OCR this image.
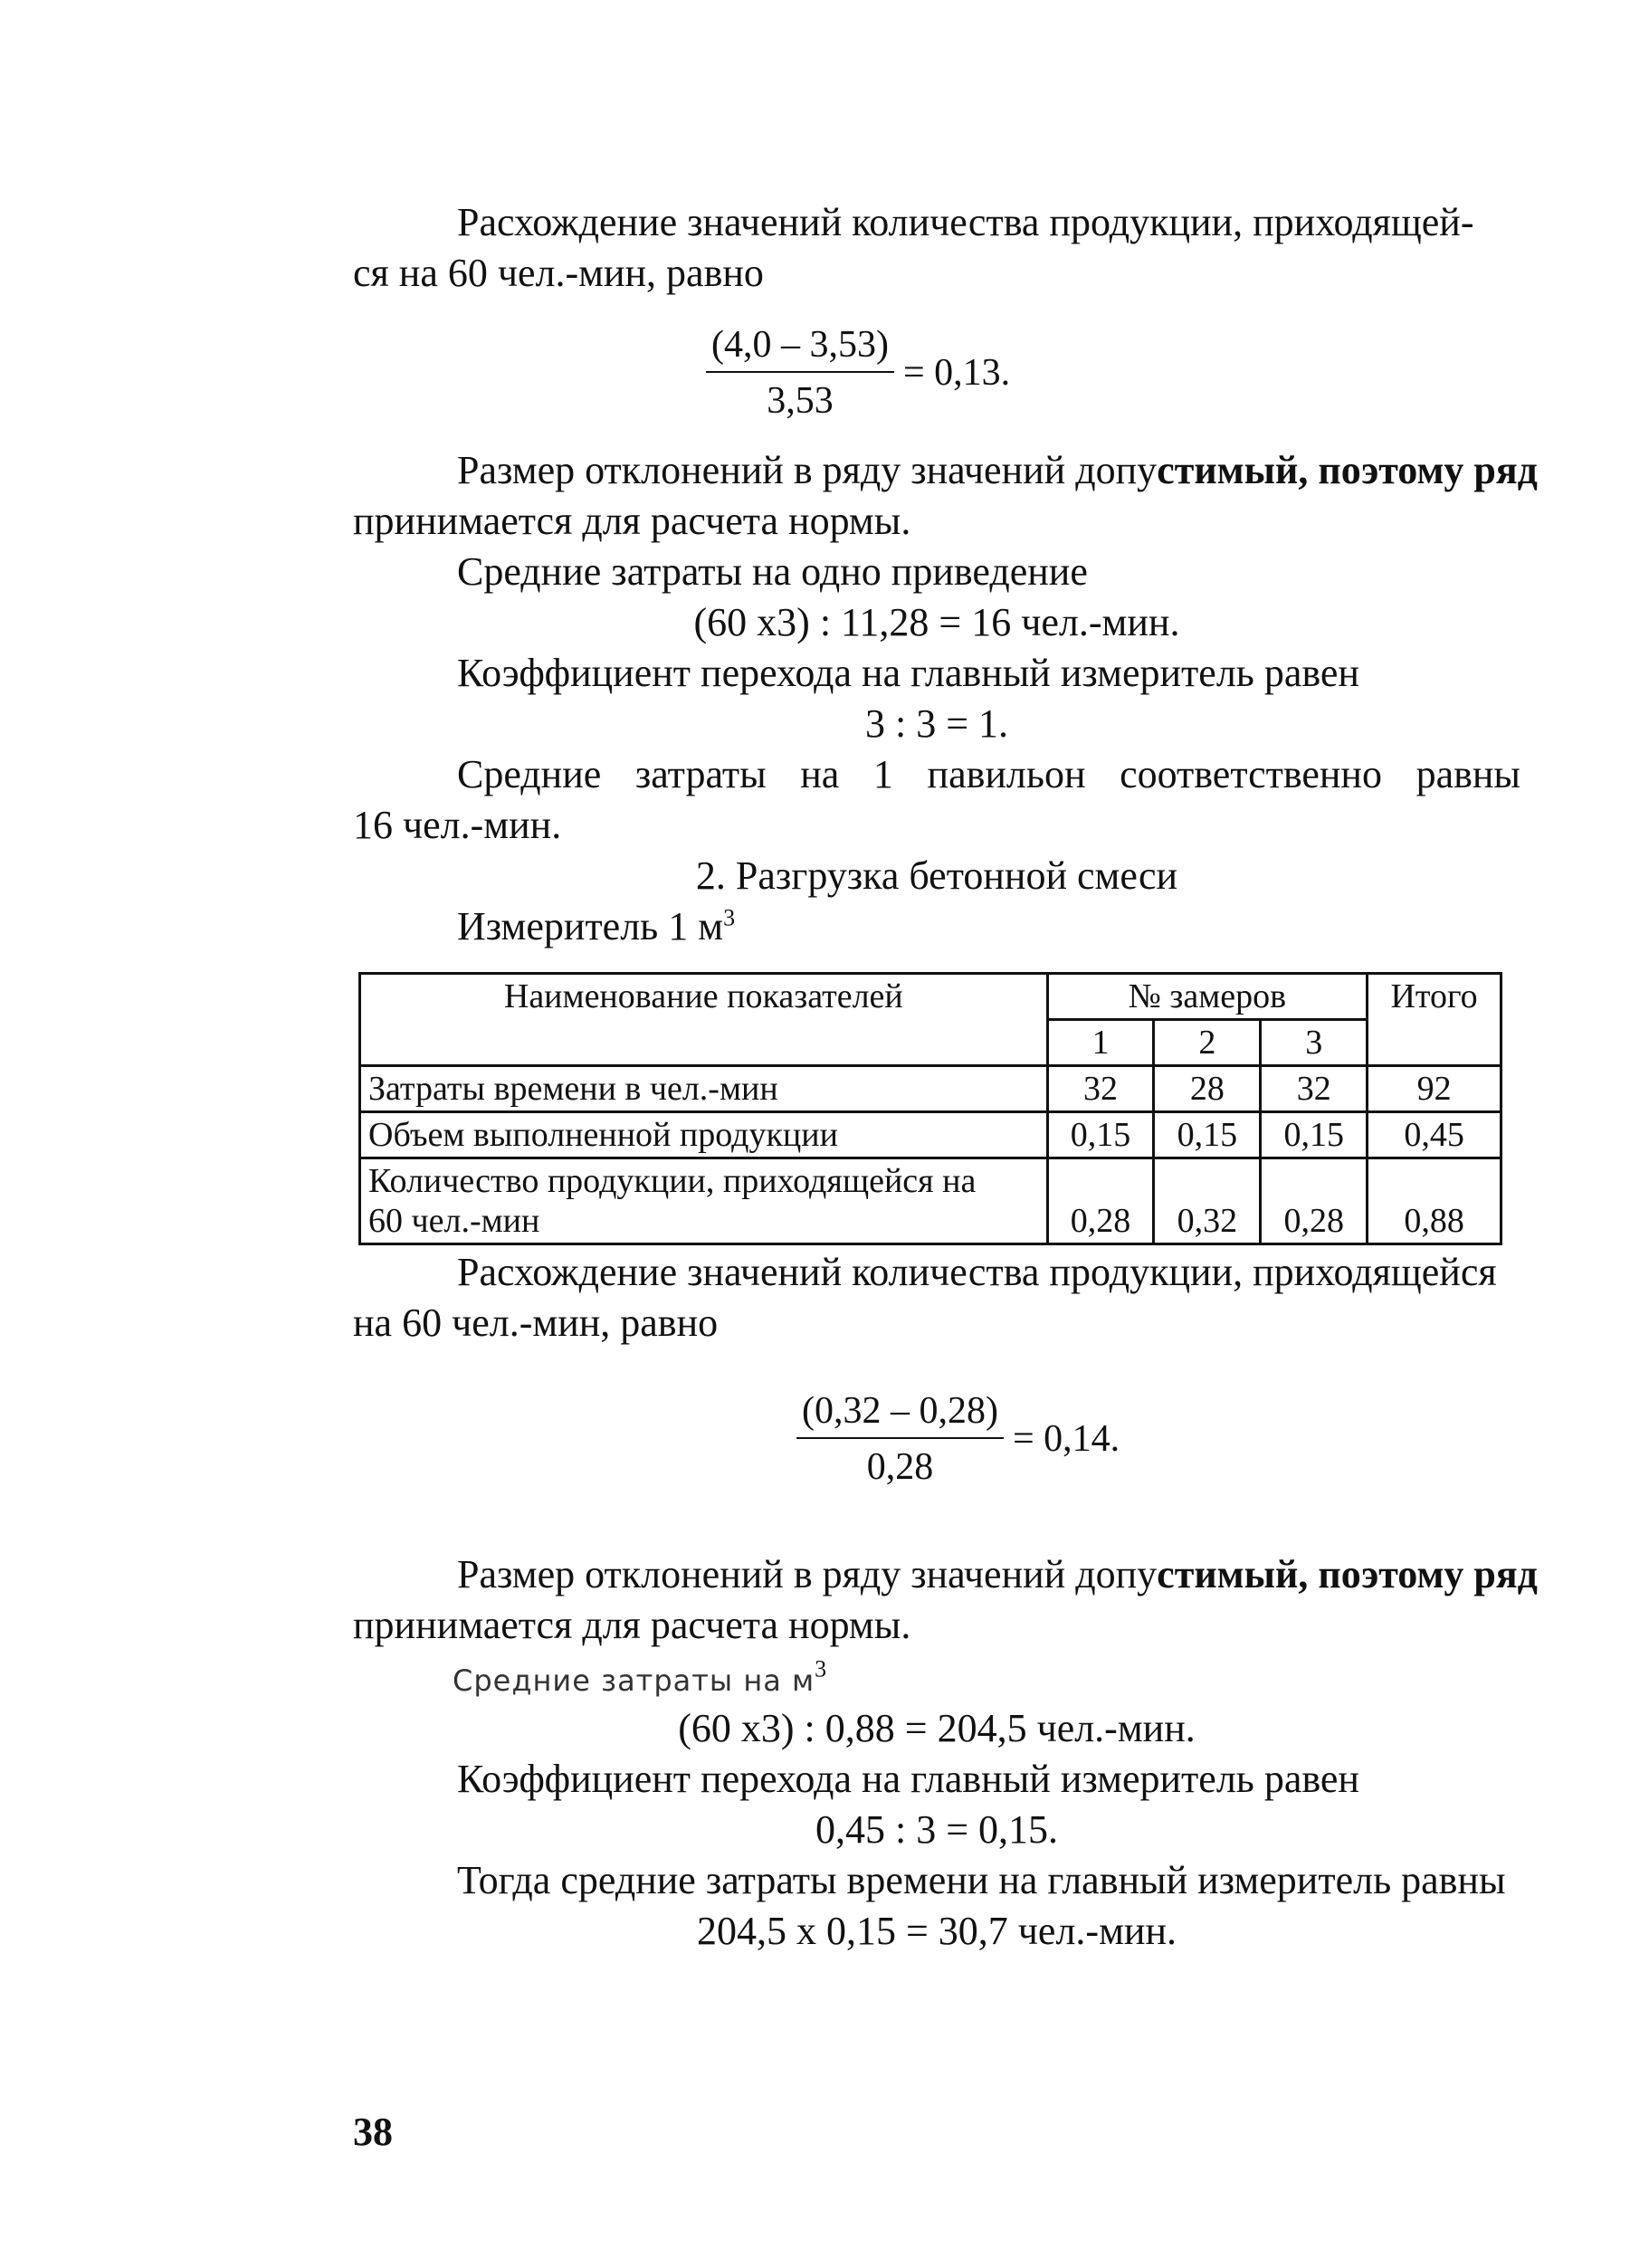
Расхождение значений количества продукции, приходящей-
ся на 60 чел.-мин, равно
$\frac{(4,0 - 3,53)}{3,53} = 0,13$.
Размер отклонений в ряду значений допустимый, поэтому ряд
принимается для расчета нормы.
Средние затраты на одно приведение
(60 х3) : 11,28 = 16 чел.-мин.
Коэффициент перехода на главный измеритель равен
3 : 3 = 1.
Средние затраты на 1 павильон соответственно равны
16 чел.-мин.
2. Разгрузка бетонной смеси
Измеритель 1 $м^3$
Наименование показателей	№ замеров			Итого
	1	2	3	
Затраты времени в чел.-мин	32	28	32	92
Объем выполненной продукции	0,15	0,15	0,15	0,45

Количество продукции, приходящейся на
60 чел.-мин	0,28	0,32	0,28	0,88
Расхождение значений количества продукции, приходящейся
на 60 чел.-мин, равно
$\frac{(0,32 - 0,28)}{0,28} = 0,14$.
Размер отклонений в ряду значений допустимый, поэтому ряд
принимается для расчета нормы.
Средние затраты на $м^3$
(60 х3) : 0,88 = 204,5 чел.-мин.
Коэффициент перехода на главный измеритель равен
0,45 : 3 = 0,15.
Тогда средние затраты времени на главный измеритель равны
204,5 х 0,15 = 30,7 чел.-мин.
38
